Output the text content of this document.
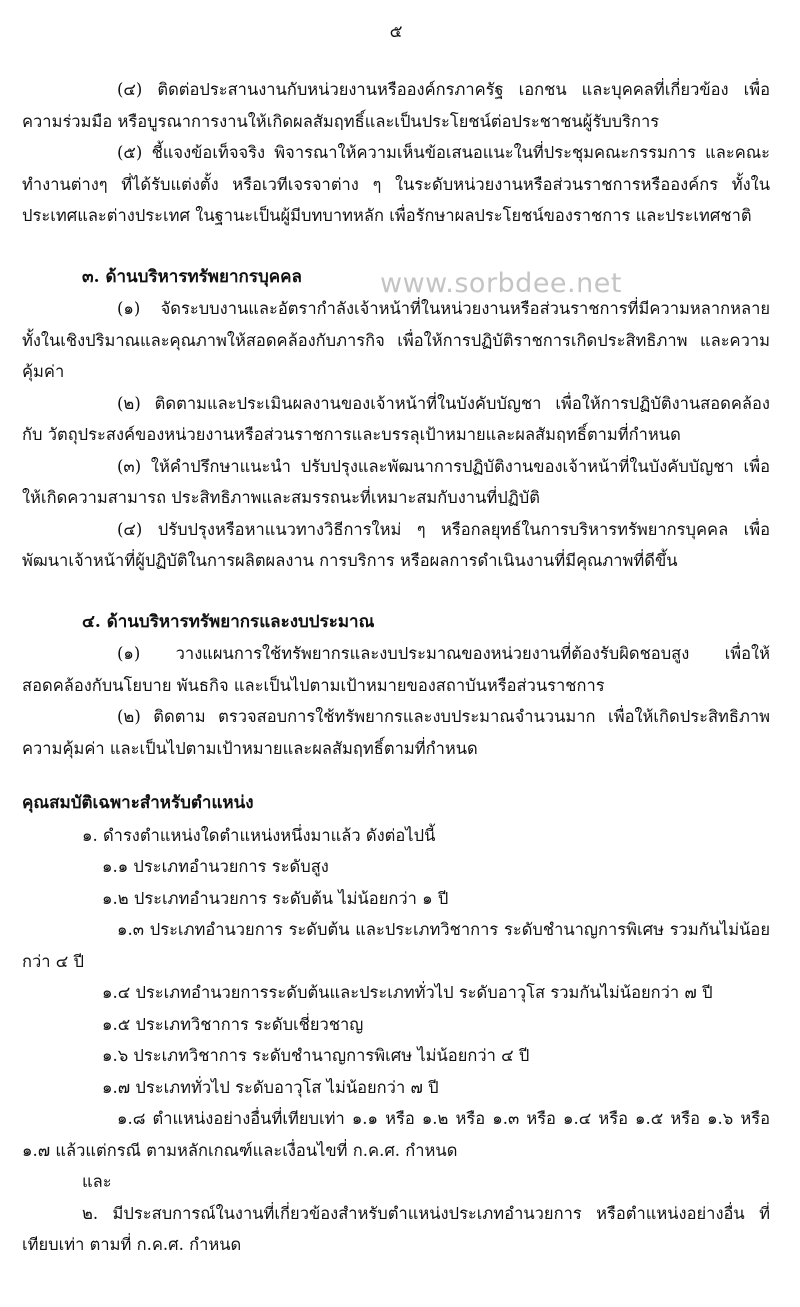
๕
www.sorbdee.net

(๔) ติดต่อประสานงานกับหน่วยงานหรือองค์กรภาครัฐ เอกชน และบุคคลที่เกี่ยวข้อง เพื่อความร่วมมือ หรือบูรณาการงานให้เกิดผลสัมฤทธิ์และเป็นประโยชน์ต่อประชาชนผู้รับบริการ

(๕) ชี้แจงข้อเท็จจริง พิจารณาให้ความเห็นข้อเสนอแนะในที่ประชุมคณะกรรมการ และคณะทำงานต่างๆ ที่ได้รับแต่งตั้ง หรือเวทีเจรจาต่าง ๆ ในระดับหน่วยงานหรือส่วนราชการหรือองค์กร ทั้งในประเทศและต่างประเทศ ในฐานะเป็นผู้มีบทบาทหลัก เพื่อรักษาผลประโยชน์ของราชการ และประเทศชาติ

๓. ด้านบริหารทรัพยากรบุคคล

(๑) จัดระบบงานและอัตรากำลังเจ้าหน้าที่ในหน่วยงานหรือส่วนราชการที่มีความหลากหลาย ทั้งในเชิงปริมาณและคุณภาพให้สอดคล้องกับภารกิจ เพื่อให้การปฏิบัติราชการเกิดประสิทธิภาพ และความคุ้มค่า

(๒) ติดตามและประเมินผลงานของเจ้าหน้าที่ในบังคับบัญชา เพื่อให้การปฏิบัติงานสอดคล้องกับ วัตถุประสงค์ของหน่วยงานหรือส่วนราชการและบรรลุเป้าหมายและผลสัมฤทธิ์ตามที่กำหนด

(๓) ให้คำปรึกษาแนะนำ ปรับปรุงและพัฒนาการปฏิบัติงานของเจ้าหน้าที่ในบังคับบัญชา เพื่อให้เกิดความสามารถ ประสิทธิภาพและสมรรถนะที่เหมาะสมกับงานที่ปฏิบัติ

(๔) ปรับปรุงหรือหาแนวทางวิธีการใหม่ ๆ หรือกลยุทธ์ในการบริหารทรัพยากรบุคคล เพื่อพัฒนาเจ้าหน้าที่ผู้ปฏิบัติในการผลิตผลงาน การบริการ หรือผลการดำเนินงานที่มีคุณภาพที่ดีขึ้น

๔. ด้านบริหารทรัพยากรและงบประมาณ

(๑) วางแผนการใช้ทรัพยากรและงบประมาณของหน่วยงานที่ต้องรับผิดชอบสูง เพื่อให้สอดคล้องกับนโยบาย พันธกิจ และเป็นไปตามเป้าหมายของสถาบันหรือส่วนราชการ

(๒) ติดตาม ตรวจสอบการใช้ทรัพยากรและงบประมาณจำนวนมาก เพื่อให้เกิดประสิทธิภาพ ความคุ้มค่า และเป็นไปตามเป้าหมายและผลสัมฤทธิ์ตามที่กำหนด

คุณสมบัติเฉพาะสำหรับตำแหน่ง

๑. ดำรงตำแหน่งใดตำแหน่งหนึ่งมาแล้ว ดังต่อไปนี้

๑.๑ ประเภทอำนวยการ ระดับสูง

๑.๒ ประเภทอำนวยการ ระดับต้น ไม่น้อยกว่า ๑ ปี

๑.๓ ประเภทอำนวยการ ระดับต้น และประเภทวิชาการ ระดับชำนาญการพิเศษ รวมกันไม่น้อยกว่า ๔ ปี

๑.๔ ประเภทอำนวยการระดับต้นและประเภททั่วไป ระดับอาวุโส รวมกันไม่น้อยกว่า ๗ ปี

๑.๕ ประเภทวิชาการ ระดับเชี่ยวชาญ

๑.๖ ประเภทวิชาการ ระดับชำนาญการพิเศษ ไม่น้อยกว่า ๔ ปี

๑.๗ ประเภททั่วไป ระดับอาวุโส ไม่น้อยกว่า ๗ ปี

๑.๘ ตำแหน่งอย่างอื่นที่เทียบเท่า ๑.๑ หรือ ๑.๒ หรือ ๑.๓ หรือ ๑.๔ หรือ ๑.๕ หรือ ๑.๖ หรือ ๑.๗ แล้วแต่กรณี ตามหลักเกณฑ์และเงื่อนไขที่ ก.ค.ศ. กำหนด

และ

๒. มีประสบการณ์ในงานที่เกี่ยวข้องสำหรับตำแหน่งประเภทอำนวยการ หรือตำแหน่งอย่างอื่น ที่เทียบเท่า ตามที่ ก.ค.ศ. กำหนด
